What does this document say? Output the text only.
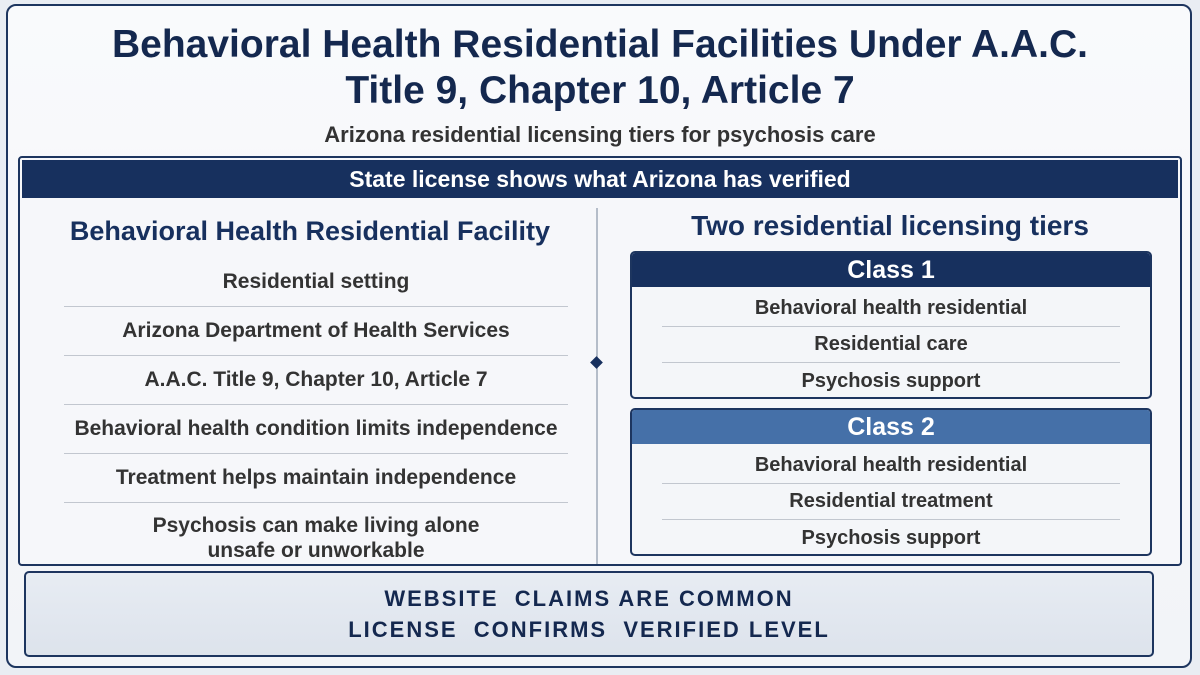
Behavioral Health Residential Facilities Under A.A.C.
Title 9, Chapter 10, Article 7
Arizona residential licensing tiers for psychosis care
State license shows what Arizona has verified
Behavioral Health Residential Facility
Residential setting
Arizona Department of Health Services
A.A.C. Title 9, Chapter 10, Article 7
Behavioral health condition limits independence
Treatment helps maintain independence
Psychosis can make living alone
unsafe or unworkable
Two residential licensing tiers
Class 1
Behavioral health residential
Residential care
Psychosis support
Class 2
Behavioral health residential
Residential treatment
Psychosis support
WEBSITE  CLAIMS ARE COMMON
LICENSE  CONFIRMS  VERIFIED LEVEL
